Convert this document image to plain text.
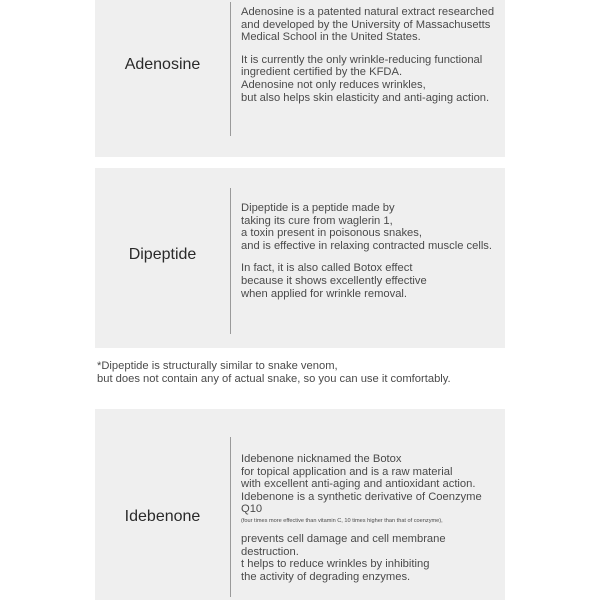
Adenosine

Adenosine is a patented natural extract researched
and developed by the University of Massachusetts
Medical School in the United States.

It is currently the only wrinkle-reducing functional
ingredient certified by the KFDA.
Adenosine not only reduces wrinkles,
but also helps skin elasticity and anti-aging action.

Dipeptide

Dipeptide is a peptide made by
taking its cure from waglerin 1,
a toxin present in poisonous snakes,
and is effective in relaxing contracted muscle cells.

In fact, it is also called Botox effect
because it shows excellently effective
when applied for wrinkle removal.

*Dipeptide is structurally similar to snake venom,
but does not contain any of actual snake, so you can use it comfortably.
Idebenone

Idebenone nicknamed the Botox
for topical application and is a raw material
with excellent anti-aging and antioxidant action.
Idebenone is a synthetic derivative of Coenzyme Q10

(four times more effective than vitamin C, 10 times higher than that of coenzyme),

prevents cell damage and cell membrane destruction.
t helps to reduce wrinkles by inhibiting
the activity of degrading enzymes.
